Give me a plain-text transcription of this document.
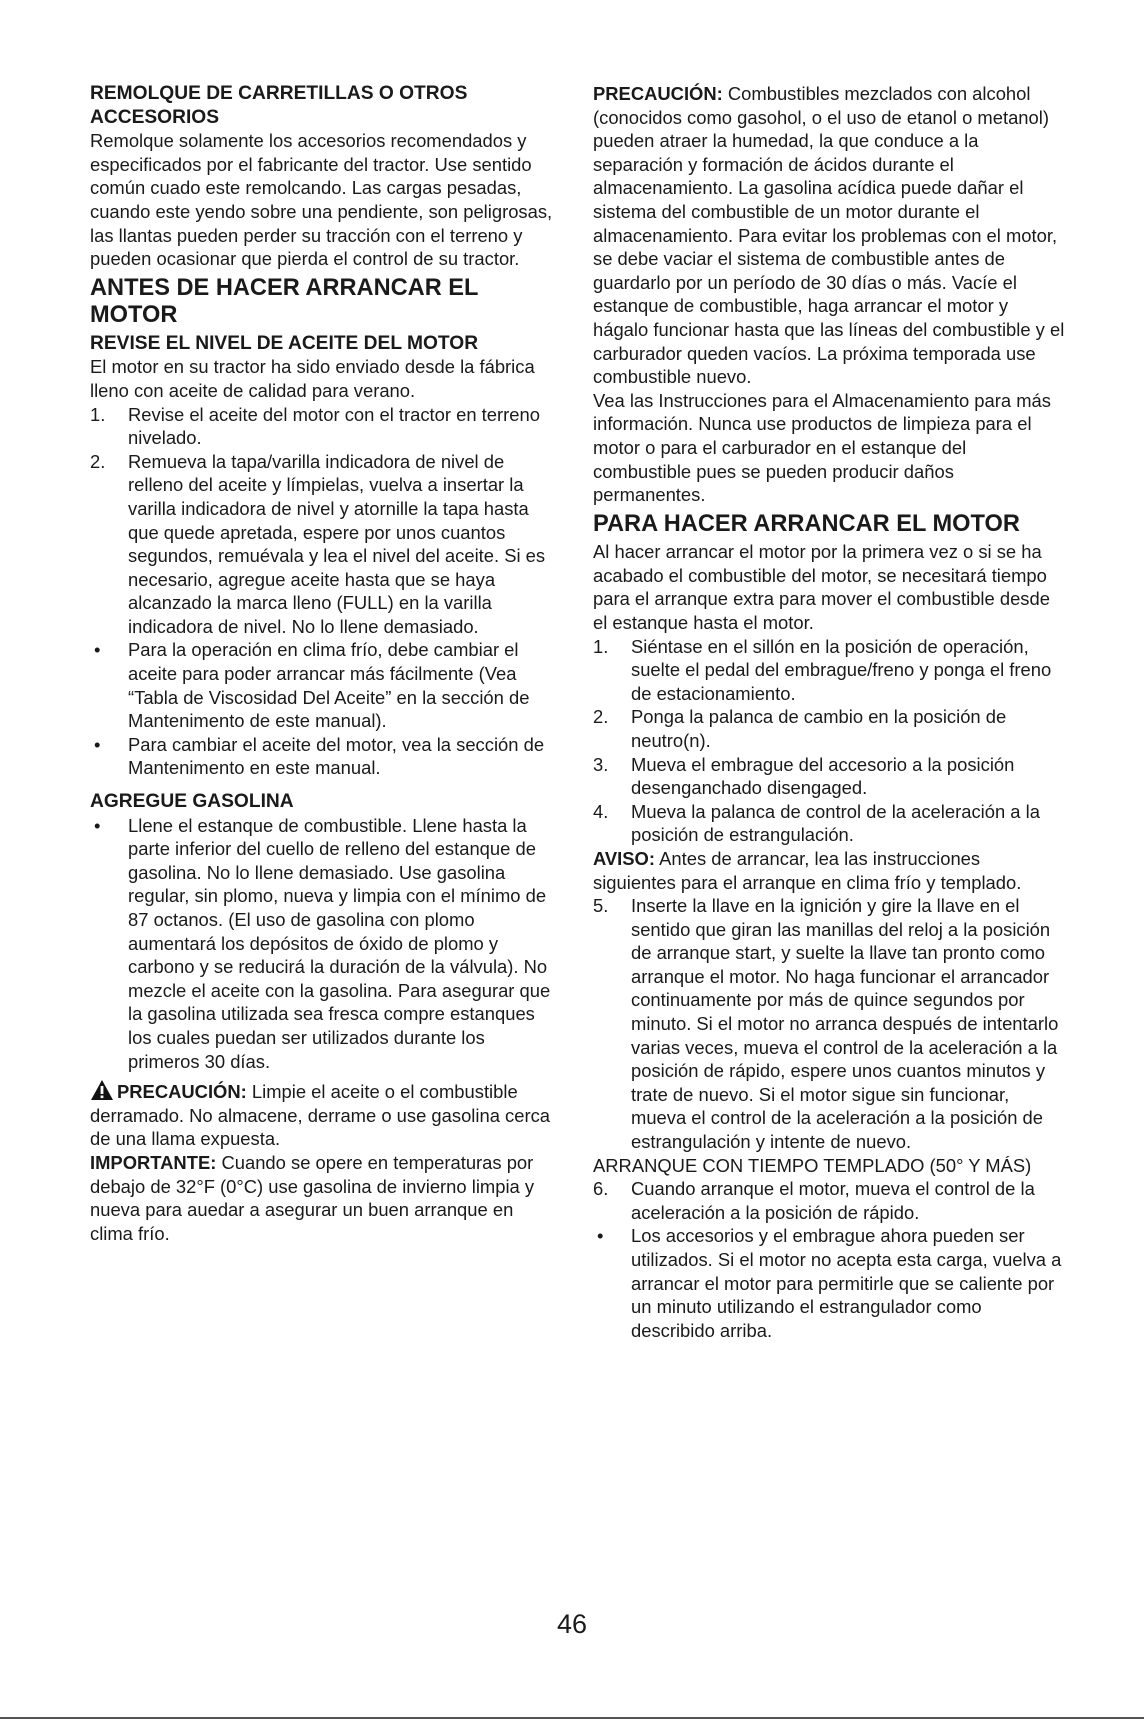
REMOLQUE DE CARRETILLAS O OTROS ACCESORIOS

Remolque solamente los accesorios recomendados y especificados por el fabricante del tractor. Use sentido común cuado este remolcando. Las cargas pesadas, cuando este yendo sobre una pendiente, son peligrosas, las llantas pueden perder su tracción con el terreno y pueden ocasionar que pierda el control de su tractor.

ANTES DE HACER ARRANCAR EL MOTOR
REVISE EL NIVEL DE ACEITE DEL MOTOR

El motor en su tractor ha sido enviado desde la fábrica lleno con aceite de calidad para verano.

1.	Revise el aceite del motor con el tractor en terreno nivelado.
2.	Remueva la tapa/varilla indicadora de nivel de relleno del aceite y límpielas, vuelva a insertar la varilla indicadora de nivel y atornille la tapa hasta que quede apretada, espere por unos cuantos segundos, remuévala y lea el nivel del aceite. Si es necesario, agregue aceite hasta que se haya alcanzado la marca lleno (FULL) en la varilla indicadora de nivel. No lo llene demasiado.
•	Para la operación en clima frío, debe cambiar el aceite para poder arrancar más fácilmente (Vea “Tabla de Viscosidad Del Aceite” en la sección de Mantenimento de este manual).
•	Para cambiar el aceite del motor, vea la sección de Mantenimento en este manual.
AGREGUE GASOLINA
•	Llene el estanque de combustible. Llene hasta la parte inferior del cuello de relleno del estanque de gasolina. No lo llene demasiado. Use gasolina regular, sin plomo, nueva y limpia con el mínimo de 87 octanos. (El uso de gasolina con plomo aumentará los depósitos de óxido de plomo y carbono y se reducirá la duración de la válvula). No mezcle el aceite con la gasolina. Para asegurar que la gasolina utilizada sea fresca compre estanques los cuales puedan ser utilizados durante los primeros 30 días.

PRECAUCIÓN: Limpie el aceite o el combustible derramado. No almacene, derrame o use gasolina cerca de una llama expuesta.

IMPORTANTE: Cuando se opere en temperaturas por debajo de 32°F (0°C) use gasolina de invierno limpia y nueva para auedar a asegurar un buen arranque en clima frío.

PRECAUCIÓN: Combustibles mezclados con alcohol (conocidos como gasohol, o el uso de etanol o metanol) pueden atraer la humedad, la que conduce a la separación y formación de ácidos durante el almacenamiento. La gasolina acídica puede dañar el sistema del combustible de un motor durante el almacenamiento. Para evitar los problemas con el motor, se debe vaciar el sistema de combustible antes de guardarlo por un período de 30 días o más. Vacíe el estanque de combustible, haga arrancar el motor y hágalo funcionar hasta que las líneas del combustible y el carburador queden vacíos. La próxima temporada use combustible nuevo.

Vea las Instrucciones para el Almacenamiento para más información. Nunca use productos de limpieza para el motor o para el carburador en el estanque del combustible pues se pueden producir daños permanentes.

PARA HACER ARRANCAR EL MOTOR

Al hacer arrancar el motor por la primera vez o si se ha acabado el combustible del motor, se necesitará tiempo para el arranque extra para mover el combustible desde el estanque hasta el motor.

1.	Siéntase en el sillón en la posición de operación, suelte el pedal del embrague/freno y ponga el freno de estacionamiento.
2.	Ponga la palanca de cambio en la posición de neutro(n).
3.	Mueva el embrague del accesorio a la posición desenganchado disengaged.
4.	Mueva la palanca de control de la aceleración a la posición de estrangulación.

AVISO: Antes de arrancar, lea las instrucciones siguientes para el arranque en clima frío y templado.

5.	Inserte la llave en la ignición y gire la llave en el sentido que giran las manillas del reloj a la posición de arranque start, y suelte la llave tan pronto como arranque el motor. No haga funcionar el arrancador continuamente por más de quince segundos por minuto. Si el motor no arranca después de intentarlo varias veces, mueva el control de la aceleración a la posición de rápido, espere unos cuantos minutos y trate de nuevo. Si el motor sigue sin funcionar, mueva el control de la aceleración a la posición de estrangulación y intente de nuevo.

ARRANQUE CON TIEMPO TEMPLADO (50° Y MÁS)

6.	Cuando arranque el motor, mueva el control de la aceleración a la posición de rápido.
•	Los accesorios y el embrague ahora pueden ser utilizados. Si el motor no acepta esta carga, vuelva a arrancar el motor para permitirle que se caliente por un minuto utilizando el estrangulador como describido arriba.
46
